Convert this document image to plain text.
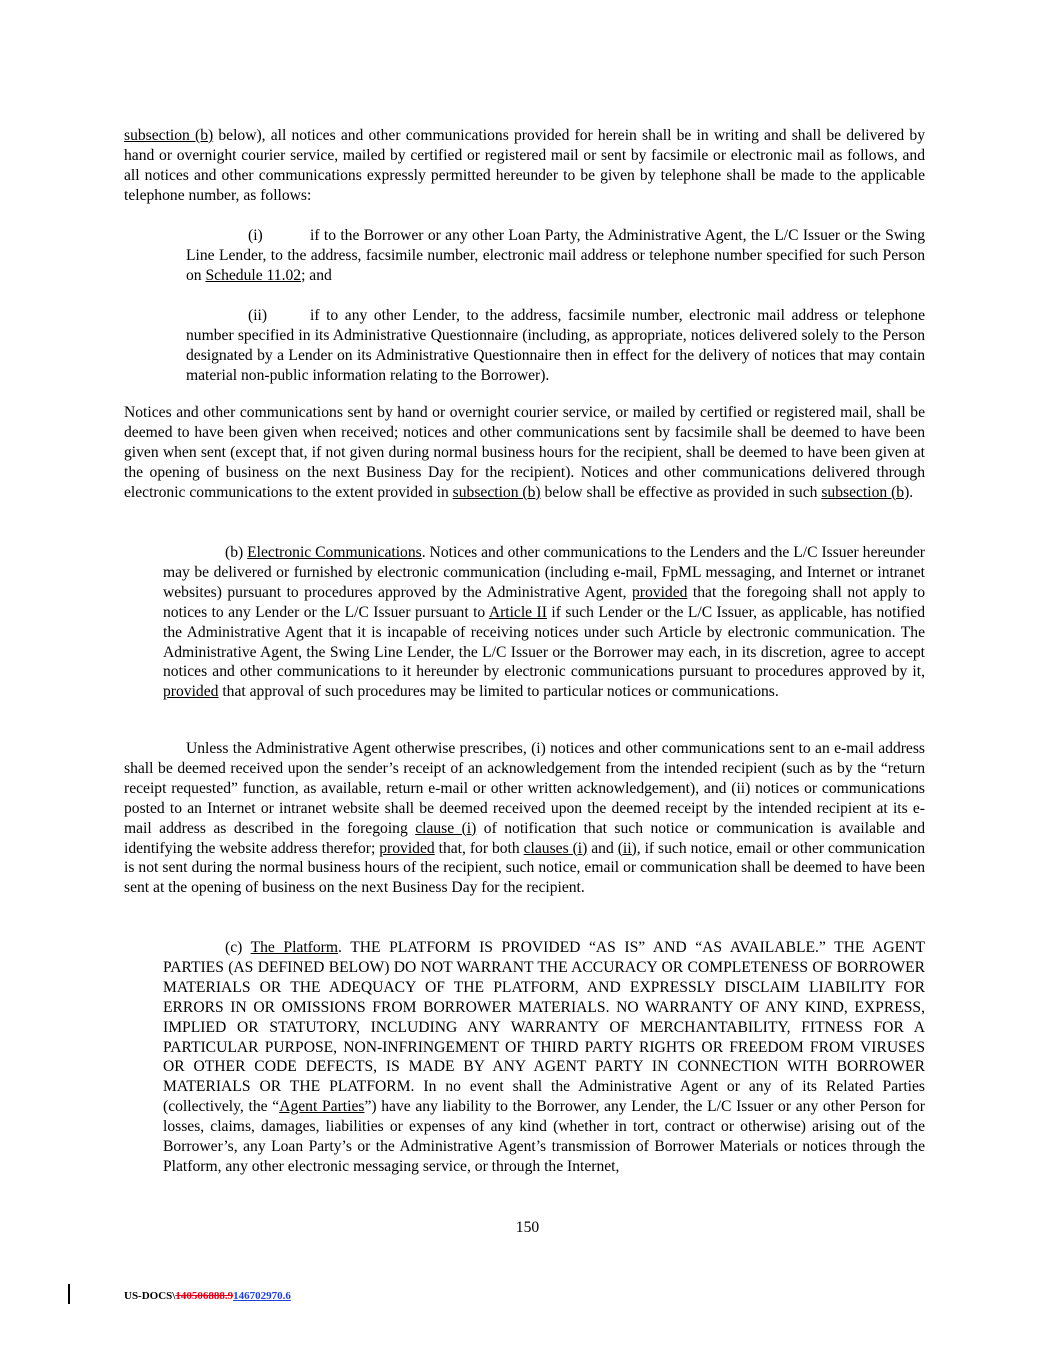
subsection (b) below), all notices and other communications provided for herein shall be in writing and shall be delivered by hand or overnight courier service, mailed by certified or registered mail or sent by facsimile or electronic mail as follows, and all notices and other communications expressly permitted hereunder to be given by telephone shall be made to the applicable telephone number, as follows:

(i)	if to the Borrower or any other Loan Party, the Administrative Agent, the L/C Issuer or the Swing Line Lender, to the address, facsimile number, electronic mail address or telephone number specified for such Person on Schedule 11.02; and

(ii)	if to any other Lender, to the address, facsimile number, electronic mail address or telephone number specified in its Administrative Questionnaire (including, as appropriate, notices delivered solely to the Person designated by a Lender on its Administrative Questionnaire then in effect for the delivery of notices that may contain material non-public information relating to the Borrower).

Notices and other communications sent by hand or overnight courier service, or mailed by certified or registered mail, shall be deemed to have been given when received; notices and other communications sent by facsimile shall be deemed to have been given when sent (except that, if not given during normal business hours for the recipient, shall be deemed to have been given at the opening of business on the next Business Day for the recipient). Notices and other communications delivered through electronic communications to the extent provided in subsection (b) below shall be effective as provided in such subsection (b).

(b) Electronic Communications. Notices and other communications to the Lenders and the L/C Issuer hereunder may be delivered or furnished by electronic communication (including e-mail, FpML messaging, and Internet or intranet websites) pursuant to procedures approved by the Administrative Agent, provided that the foregoing shall not apply to notices to any Lender or the L/C Issuer pursuant to Article II if such Lender or the L/C Issuer, as applicable, has notified the Administrative Agent that it is incapable of receiving notices under such Article by electronic communication. The Administrative Agent, the Swing Line Lender, the L/C Issuer or the Borrower may each, in its discretion, agree to accept notices and other communications to it hereunder by electronic communications pursuant to procedures approved by it, provided that approval of such procedures may be limited to particular notices or communications.

Unless the Administrative Agent otherwise prescribes, (i) notices and other communications sent to an e-mail address shall be deemed received upon the sender’s receipt of an acknowledgement from the intended recipient (such as by the “return receipt requested” function, as available, return e-mail or other written acknowledgement), and (ii) notices or communications posted to an Internet or intranet website shall be deemed received upon the deemed receipt by the intended recipient at its e-mail address as described in the foregoing clause (i) of notification that such notice or communication is available and identifying the website address therefor; provided that, for both clauses (i) and (ii), if such notice, email or other communication is not sent during the normal business hours of the recipient, such notice, email or communication shall be deemed to have been sent at the opening of business on the next Business Day for the recipient.

(c) The Platform. THE PLATFORM IS PROVIDED “AS IS” AND “AS AVAILABLE.” THE AGENT PARTIES (AS DEFINED BELOW) DO NOT WARRANT THE ACCURACY OR COMPLETENESS OF BORROWER MATERIALS OR THE ADEQUACY OF THE PLATFORM, AND EXPRESSLY DISCLAIM LIABILITY FOR ERRORS IN OR OMISSIONS FROM BORROWER MATERIALS. NO WARRANTY OF ANY KIND, EXPRESS, IMPLIED OR STATUTORY, INCLUDING ANY WARRANTY OF MERCHANTABILITY, FITNESS FOR A PARTICULAR PURPOSE, NON-INFRINGEMENT OF THIRD PARTY RIGHTS OR FREEDOM FROM VIRUSES OR OTHER CODE DEFECTS, IS MADE BY ANY AGENT PARTY IN CONNECTION WITH BORROWER MATERIALS OR THE PLATFORM. In no event shall the Administrative Agent or any of its Related Parties (collectively, the “Agent Parties”) have any liability to the Borrower, any Lender, the L/C Issuer or any other Person for losses, claims, damages, liabilities or expenses of any kind (whether in tort, contract or otherwise) arising out of the Borrower’s, any Loan Party’s or the Administrative Agent’s transmission of Borrower Materials or notices through the Platform, any other electronic messaging service, or through the Internet,

150
US-DOCS\140506888.9146702970.6
